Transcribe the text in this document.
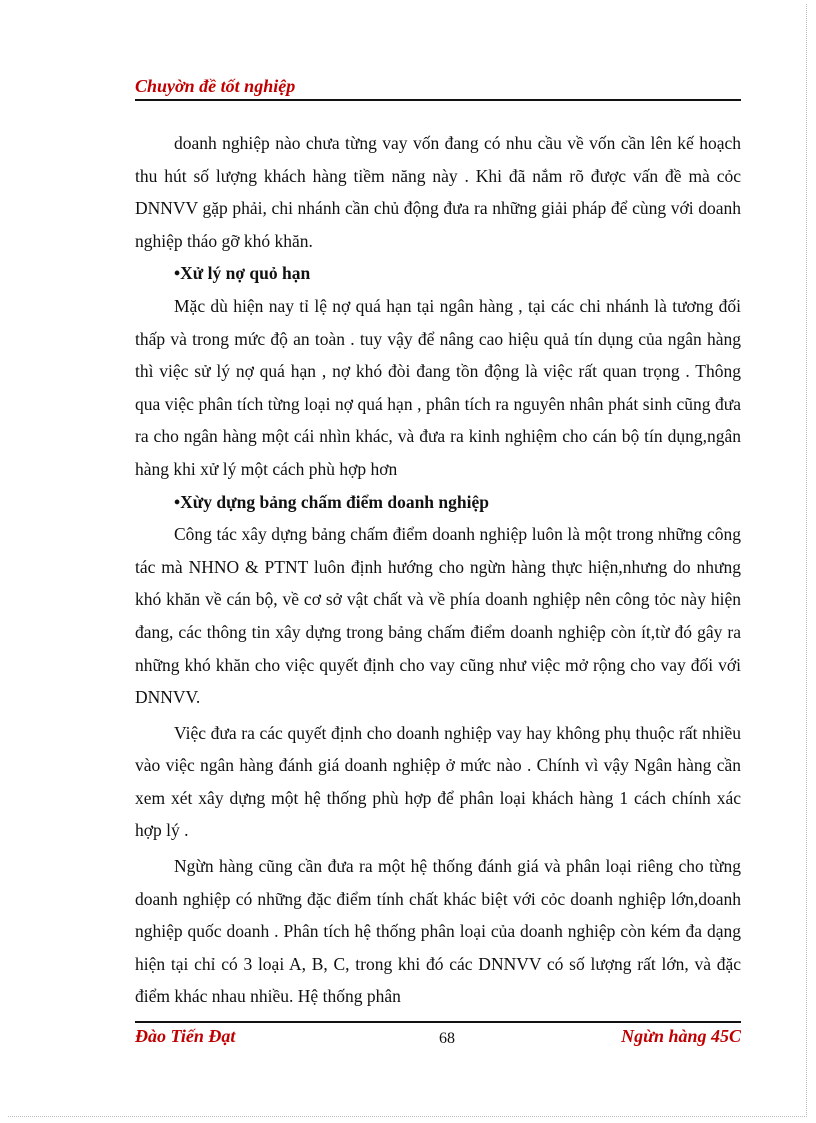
Chuyờn đề tốt nghiệp

doanh nghiệp nào chưa từng vay vốn đang có nhu cầu về vốn cần lên kế hoạch thu hút số lượng khách hàng tiềm năng này . Khi đã nắm rõ được vấn đề mà cỏc DNNVV gặp phải, chi nhánh cần chủ động đưa ra những giải pháp để cùng với doanh nghiệp tháo gỡ khó khăn.

•Xử lý nợ quỏ hạn

Mặc dù hiện nay tỉ lệ nợ quá hạn tại ngân hàng , tại các chi nhánh là tương đối thấp và trong mức độ an toàn . tuy vậy để nâng cao hiệu quả tín dụng của ngân hàng thì việc sử lý nợ quá hạn , nợ khó đòi đang tồn động là việc rất quan trọng . Thông qua việc phân tích từng loại nợ quá hạn , phân tích ra nguyên nhân phát sinh cũng đưa ra cho ngân hàng một cái nhìn khác, và đưa ra kinh nghiệm cho cán bộ tín dụng,ngân hàng khi xử lý một cách phù hợp hơn

•Xừy dựng bảng chấm điểm doanh nghiệp

Công tác xây dựng bảng chấm điểm doanh nghiệp luôn là một trong những công tác mà NHNO & PTNT luôn định hướng cho ngừn hàng thực hiện,nhưng do nhưng khó khăn về cán bộ, về cơ sở vật chất và về phía doanh nghiệp nên công tỏc này hiện đang, các thông tin xây dựng trong bảng chấm điểm doanh nghiệp còn ít,từ đó gây ra những khó khăn cho việc quyết định cho vay cũng như việc mở rộng cho vay đối với DNNVV.

Việc đưa ra các quyết định cho doanh nghiệp vay hay không phụ thuộc rất nhiều vào việc ngân hàng đánh giá doanh nghiệp ở mức nào . Chính vì vậy Ngân hàng cần xem xét xây dựng một hệ thống phù hợp để phân loại khách hàng 1 cách chính xác hợp lý .

Ngừn hàng cũng cần đưa ra một hệ thống đánh giá và phân loại riêng cho từng doanh nghiệp có những đặc điểm tính chất khác biệt với cỏc doanh nghiệp lớn,doanh nghiệp quốc doanh . Phân tích hệ thống phân loại của doanh nghiệp còn kém đa dạng hiện tại chỉ có 3 loại A, B, C, trong khi đó các DNNVV có số lượng rất lớn, và đặc điểm khác nhau nhiều. Hệ thống phân

Đào Tiến Đạt	68	Ngừn hàng 45C
